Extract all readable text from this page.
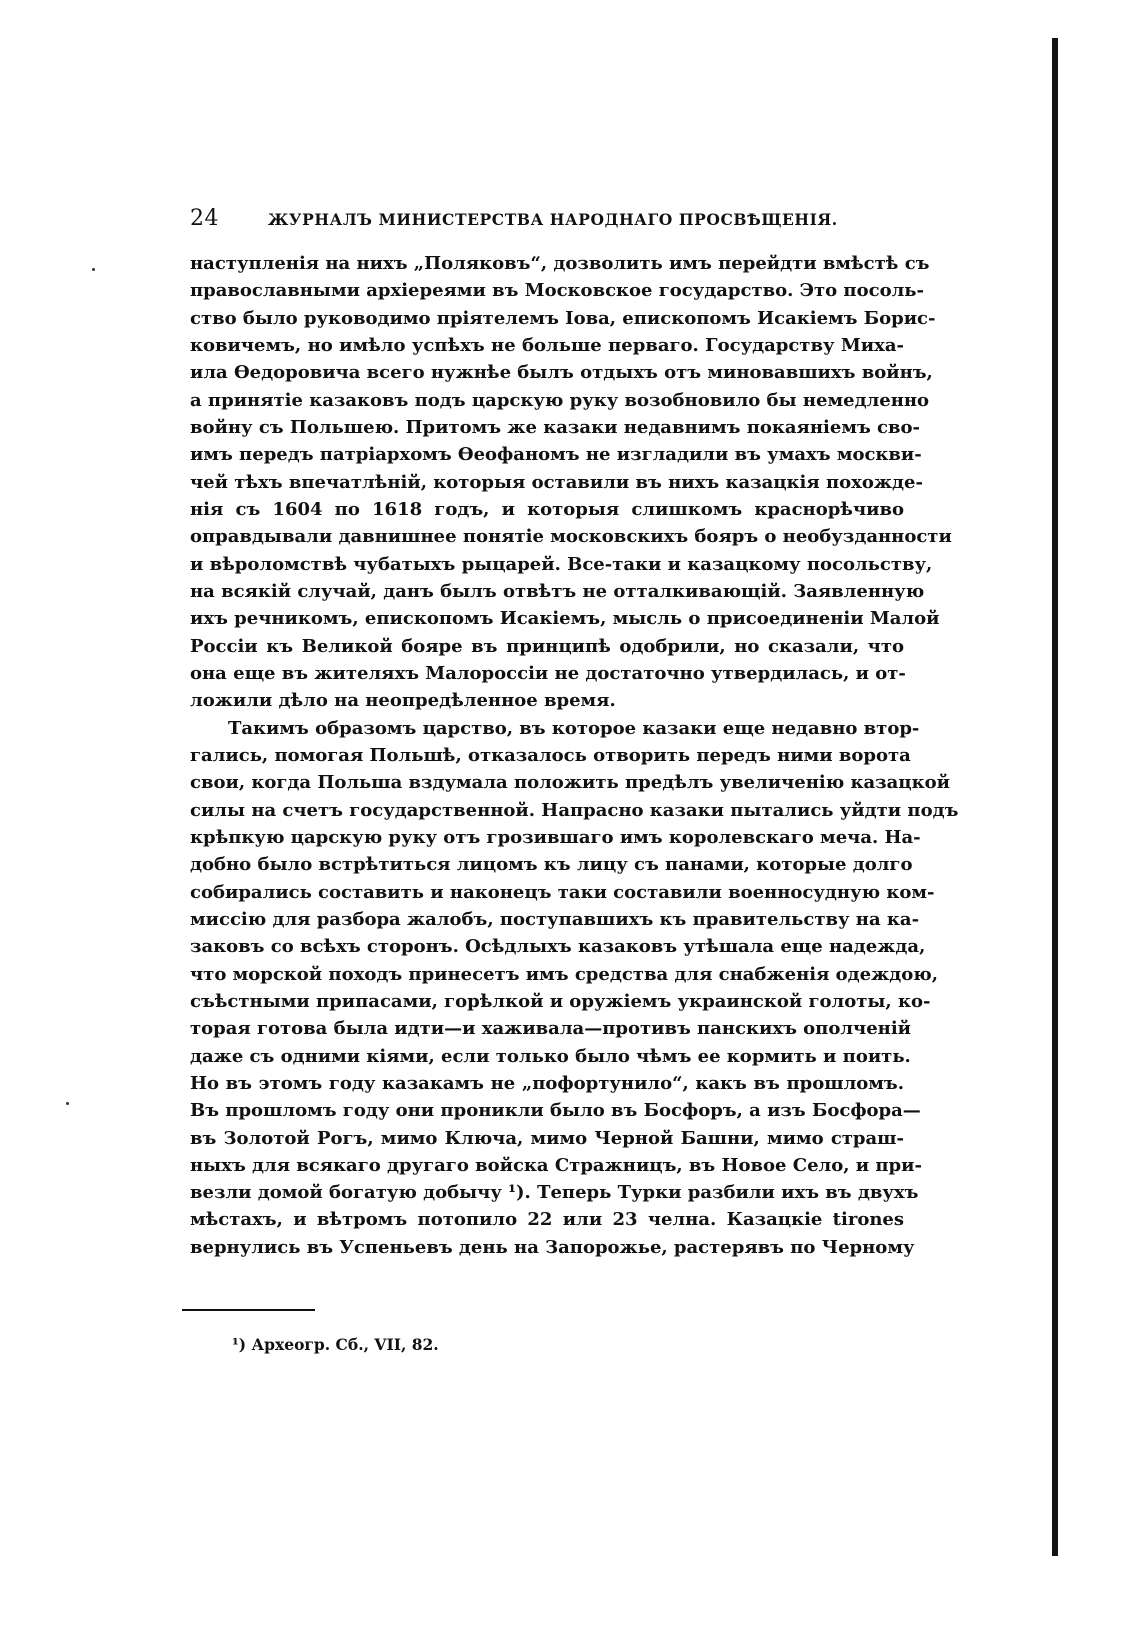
24	ЖУРНАЛЪ МИНИСТЕРСТВА НАРОДНАГО ПРОСВѢЩЕНІЯ.
наступленія на нихъ „Поляковъ“, дозволить имъ перейдти вмѣстѣ съ
православными архіереями въ Московское государство. Это посоль-
ство было руководимо пріятелемъ Іова, епископомъ Исакіемъ Борис-
ковичемъ, но имѣло успѣхъ не больше перваго. Государству Миха-
ила Ѳедоровича всего нужнѣе былъ отдыхъ отъ миновавшихъ войнъ,
а принятіе казаковъ подъ царскую руку возобновило бы немедленно
войну съ Польшею. Притомъ же казаки недавнимъ покаяніемъ сво-
имъ передъ патріархомъ Ѳеофаномъ не изгладили въ умахъ москви-
чей тѣхъ впечатлѣній, которыя оставили въ нихъ казацкія похожде-
нія съ 1604 по 1618 годъ, и которыя слишкомъ краснорѣчиво
оправдывали давнишнее понятіе московскихъ бояръ о необузданности
и вѣроломствѣ чубатыхъ рыцарей. Все-таки и казацкому посольству,
на всякій случай, данъ былъ отвѣтъ не отталкивающій. Заявленную
ихъ речникомъ, епископомъ Исакіемъ, мысль о присоединеніи Малой
Россіи къ Великой бояре въ принципѣ одобрили, но сказали, что
она еще въ жителяхъ Малороссіи не достаточно утвердилась, и от-
ложили дѣло на неопредѣленное время.
Такимъ образомъ царство, въ которое казаки еще недавно втор-
гались, помогая Польшѣ, отказалось отворить передъ ними ворота
свои, когда Польша вздумала положить предѣлъ увеличенію казацкой
силы на счетъ государственной. Напрасно казаки пытались уйдти подъ
крѣпкую царскую руку отъ грозившаго имъ королевскаго меча. На-
добно было встрѣтиться лицомъ къ лицу съ панами, которые долго
собирались составить и наконецъ таки составили военносудную ком-
миссію для разбора жалобъ, поступавшихъ къ правительству на ка-
заковъ со всѣхъ сторонъ. Осѣдлыхъ казаковъ утѣшала еще надежда,
что морской походъ принесетъ имъ средства для снабженія одеждою,
съѣстными припасами, горѣлкой и оружіемъ украинской голоты, ко-
торая готова была идти—и хаживала—противъ панскихъ ополченій
даже съ одними кіями, если только было чѣмъ ее кормить и поить.
Но въ этомъ году казакамъ не „пофортунило“, какъ въ прошломъ.
Въ прошломъ году они проникли было въ Босфоръ, а изъ Босфора—
въ Золотой Рогъ, мимо Ключа, мимо Черной Башни, мимо страш-
ныхъ для всякаго другаго войска Стражницъ, въ Новое Село, и при-
везли домой богатую добычу ¹). Теперь Турки разбили ихъ въ двухъ
мѣстахъ, и вѣтромъ потопило 22 или 23 челна. Казацкіе tirones
вернулись въ Успеньевъ день на Запорожье, растерявъ по Черному
¹) Археогр. Сб., VII, 82.
